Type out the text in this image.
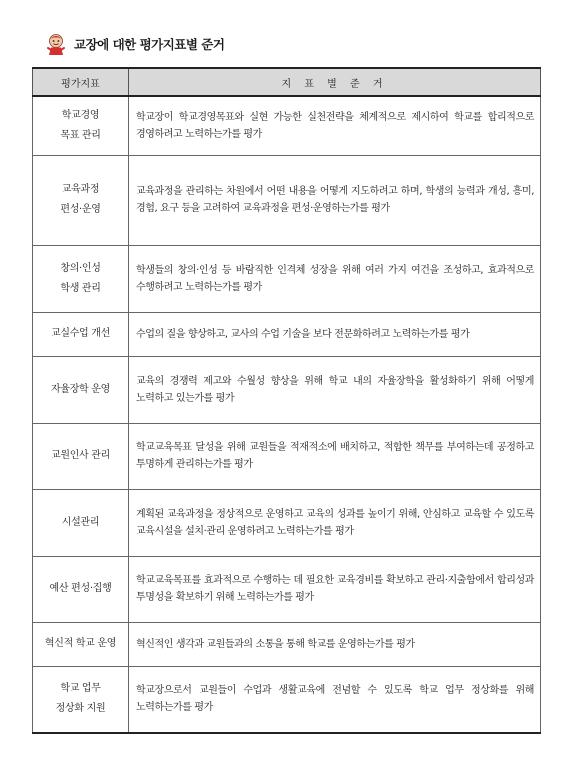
교장에 대한 평가지표별 준거
평가지표	지 표 별 준 거
학교경영
목표 관리	학교장이 학교경영목표와 실현 가능한 실천전략을 체계적으로 제시하여 학교를 합리적으로 경영하려고 노력하는가를 평가
교육과정
편성·운영	교육과정을 관리하는 차원에서 어떤 내용을 어떻게 지도하려고 하며, 학생의 능력과 개성, 흥미, 경험, 요구 등을 고려하여 교육과정을 편성·운영하는가를 평가
창의·인성
학생 관리	학생들의 창의·인성 등 바람직한 인격체 성장을 위해 여러 가지 여건을 조성하고, 효과적으로 수행하려고 노력하는가를 평가
교실수업 개선	수업의 질을 향상하고, 교사의 수업 기술을 보다 전문화하려고 노력하는가를 평가
자율장학 운영	교육의 경쟁력 제고와 수월성 향상을 위해 학교 내의 자율장학을 활성화하기 위해 어떻게 노력하고 있는가를 평가
교원인사 관리	학교교육목표 달성을 위해 교원들을 적재적소에 배치하고, 적합한 책무를 부여하는데 공정하고 투명하게 관리하는가를 평가
시설관리	계획된 교육과정을 정상적으로 운영하고 교육의 성과를 높이기 위해, 안심하고 교육할 수 있도록 교육시설을 설치·관리 운영하려고 노력하는가를 평가
예산 편성·집행	학교교육목표를 효과적으로 수행하는 데 필요한 교육경비를 확보하고 관리·지출함에서 합리성과 투명성을 확보하기 위해 노력하는가를 평가
혁신적 학교 운영	혁신적인 생각과 교원들과의 소통을 통해 학교를 운영하는가를 평가
학교 업무
정상화 지원	학교장으로서 교원들이 수업과 생활교육에 전념할 수 있도록 학교 업무 정상화를 위해 노력하는가를 평가
